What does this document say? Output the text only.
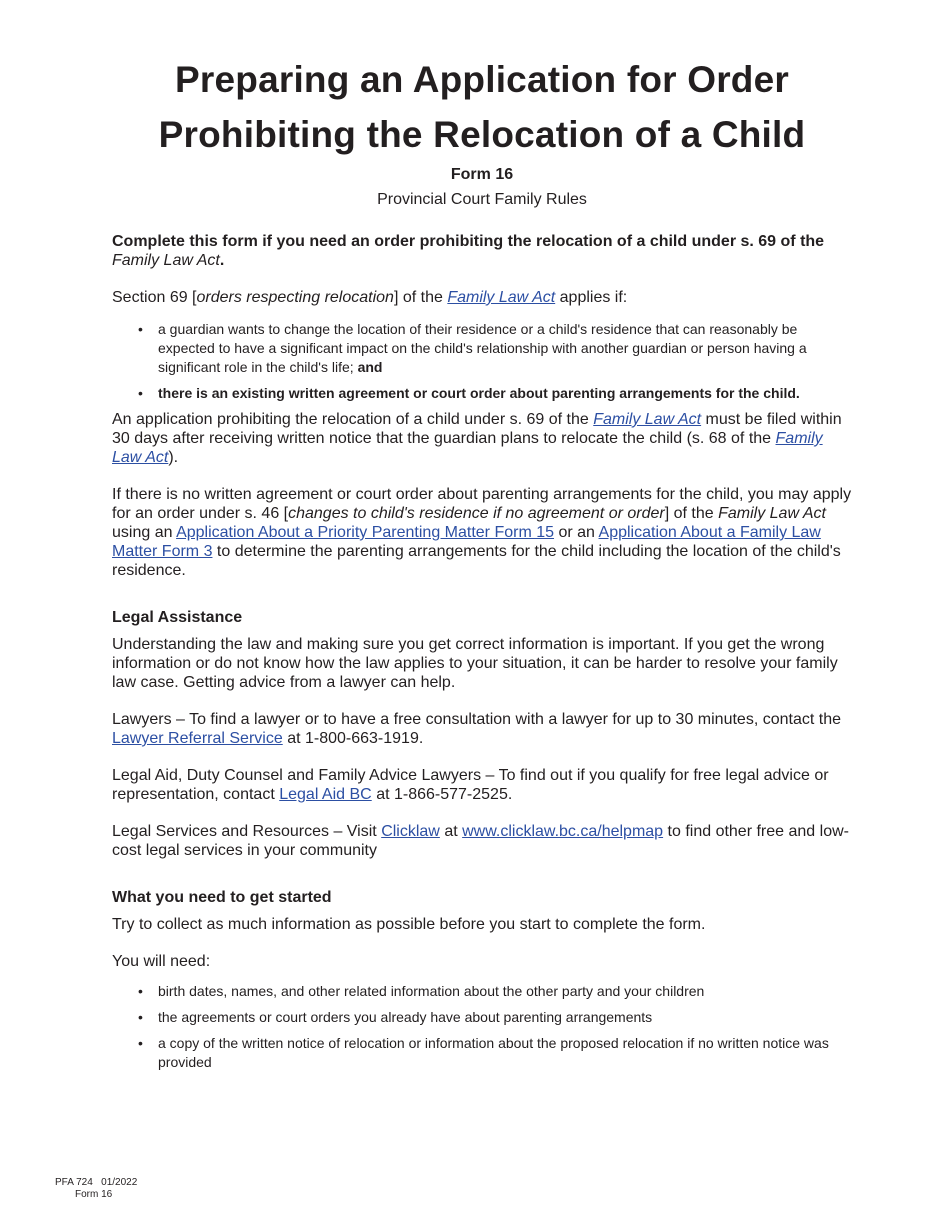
Preparing an Application for Order
Prohibiting the Relocation of a Child
Form 16
Provincial Court Family Rules

Complete this form if you need an order prohibiting the relocation of a child under s. 69 of the Family Law Act.

Section 69 [orders respecting relocation] of the Family Law Act applies if:

• a guardian wants to change the location of their residence or a child's residence that can reasonably be expected to have a significant impact on the child's relationship with another guardian or person having a significant role in the child's life; and
• there is an existing written agreement or court order about parenting arrangements for the child.

An application prohibiting the relocation of a child under s. 69 of the Family Law Act must be filed within 30 days after receiving written notice that the guardian plans to relocate the child (s. 68 of the Family Law Act).

If there is no written agreement or court order about parenting arrangements for the child, you may apply for an order under s. 46 [changes to child's residence if no agreement or order] of the Family Law Act using an Application About a Priority Parenting Matter Form 15 or an Application About a Family Law Matter Form 3 to determine the parenting arrangements for the child including the location of the child's residence.

Legal Assistance

Understanding the law and making sure you get correct information is important. If you get the wrong information or do not know how the law applies to your situation, it can be harder to resolve your family law case. Getting advice from a lawyer can help.

Lawyers – To find a lawyer or to have a free consultation with a lawyer for up to 30 minutes, contact the Lawyer Referral Service at 1-800-663-1919.

Legal Aid, Duty Counsel and Family Advice Lawyers – To find out if you qualify for free legal advice or representation, contact Legal Aid BC at 1-866-577-2525.

Legal Services and Resources – Visit Clicklaw at www.clicklaw.bc.ca/helpmap to find other free and low-cost legal services in your community

What you need to get started

Try to collect as much information as possible before you start to complete the form.

You will need:

• birth dates, names, and other related information about the other party and your children
• the agreements or court orders you already have about parenting arrangements
• a copy of the written notice of relocation or information about the proposed relocation if no written notice was provided
PFA 724   01/2022
Form 16
